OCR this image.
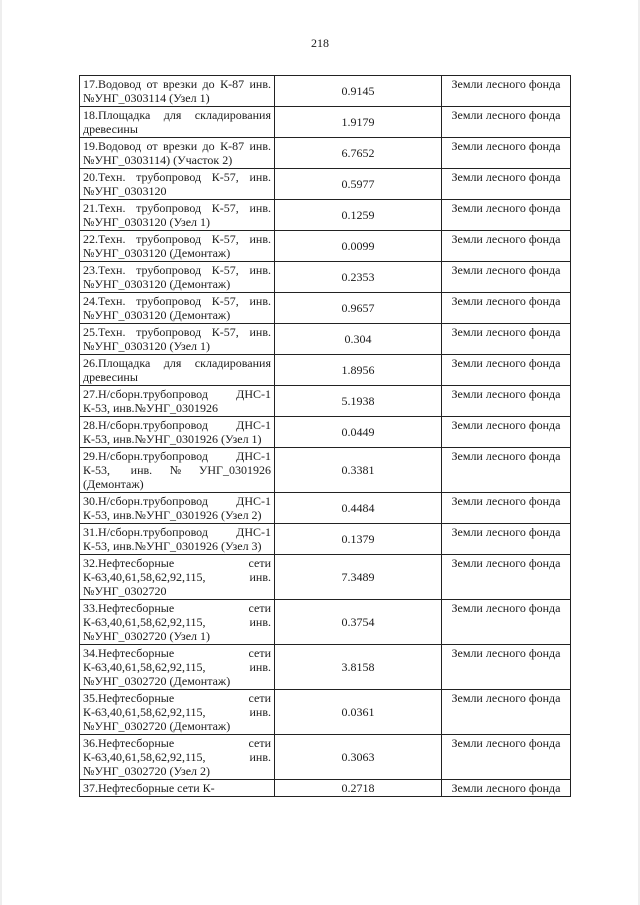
218
17.Водовод от врезки до К-87 инв.№УНГ_0303114 (Узел 1)	0.9145	Земли лесного фонда
18.Площадка для складирования древесины	1.9179	Земли лесного фонда
19.Водовод от врезки до К-87 инв.№УНГ_0303114) (Участок 2)	6.7652	Земли лесного фонда
20.Техн. трубопровод К-57, инв.№УНГ_0303120	0.5977	Земли лесного фонда
21.Техн. трубопровод К-57, инв.№УНГ_0303120 (Узел 1)	0.1259	Земли лесного фонда
22.Техн. трубопровод К-57, инв.№УНГ_0303120 (Демонтаж)	0.0099	Земли лесного фонда
23.Техн. трубопровод К-57, инв.№УНГ_0303120 (Демонтаж)	0.2353	Земли лесного фонда
24.Техн. трубопровод К-57, инв.№УНГ_0303120 (Демонтаж)	0.9657	Земли лесного фонда
25.Техн. трубопровод К-57, инв.№УНГ_0303120 (Узел 1)	0.304	Земли лесного фонда
26.Площадка для складирования древесины	1.8956	Земли лесного фонда
27.Н/сборн.трубопровод ДНС-1 К-53, инв.№УНГ_0301926	5.1938	Земли лесного фонда
28.Н/сборн.трубопровод ДНС-1 К-53, инв.№УНГ_0301926 (Узел 1)	0.0449	Земли лесного фонда
29.Н/сборн.трубопровод ДНС-1 К-53, инв.№УНГ_0301926 (Демонтаж)	0.3381	Земли лесного фонда
30.Н/сборн.трубопровод ДНС-1 К-53, инв.№УНГ_0301926 (Узел 2)	0.4484	Земли лесного фонда
31.Н/сборн.трубопровод ДНС-1 К-53, инв.№УНГ_0301926 (Узел 3)	0.1379	Земли лесного фонда
32.Нефтесборные сети К-63,40,61,58,62,92,115, инв.№УНГ_0302720	7.3489	Земли лесного фонда
33.Нефтесборные сети К-63,40,61,58,62,92,115, инв.№УНГ_0302720 (Узел 1)	0.3754	Земли лесного фонда
34.Нефтесборные сети К-63,40,61,58,62,92,115, инв.№УНГ_0302720 (Демонтаж)	3.8158	Земли лесного фонда
35.Нефтесборные сети К-63,40,61,58,62,92,115, инв.№УНГ_0302720 (Демонтаж)	0.0361	Земли лесного фонда
36.Нефтесборные сети К-63,40,61,58,62,92,115, инв.№УНГ_0302720 (Узел 2)	0.3063	Земли лесного фонда
37.Нефтесборные сети К-	0.2718	Земли лесного фонда
